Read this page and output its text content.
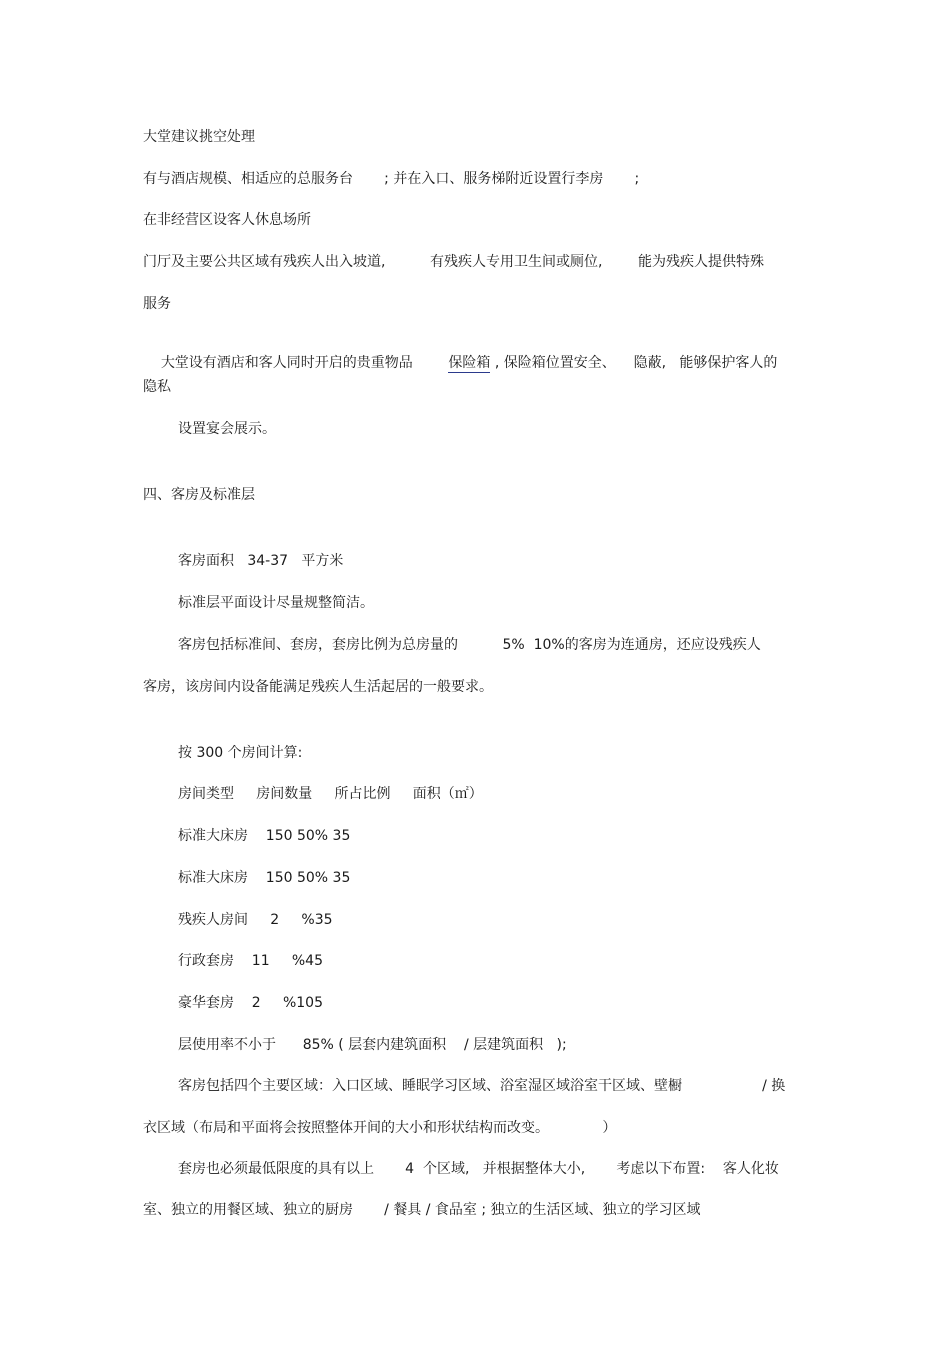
大堂建议挑空处理
有与酒店规模、相适应的总服务台       ; 并在入口、服务梯附近设置行李房       ;
在非经营区设客人休息场所
门厅及主要公共区域有残疾人出入坡道,          有残疾人专用卫生间或厕位,        能为残疾人提供特殊
服务

大堂设有酒店和客人同时开启的贵重物品        保险箱 , 保险箱位置安全、    隐蔽,   能够保护客人的

隐私
设置宴会展示。
四、客房及标准层
客房面积   34-37   平方米
标准层平面设计尽量规整简洁。
客房包括标准间、套房，套房比例为总房量的          5%  10%的客房为连通房，还应设残疾人
客房，该房间内设备能满足残疾人生活起居的一般要求。
按 300 个房间计算:
房间类型     房间数量     所占比例     面积（㎡）
标准大床房    150 50% 35
标准大床房    150 50% 35
残疾人房间     2     %35
行政套房    11     %45
豪华套房    2     %105
层使用率不小于      85% ( 层套内建筑面积    / 层建筑面积   );
客房包括四个主要区域：入口区域、睡眠学习区域、浴室湿区域浴室干区域、壁橱                  / 换
衣区域（布局和平面将会按照整体开间的大小和形状结构而改变。            ）
套房也必须最低限度的具有以上       4  个区域,   并根据整体大小,       考虑以下布置:    客人化妆
室、独立的用餐区域、独立的厨房       / 餐具 / 食品室 ; 独立的生活区域、独立的学习区域
